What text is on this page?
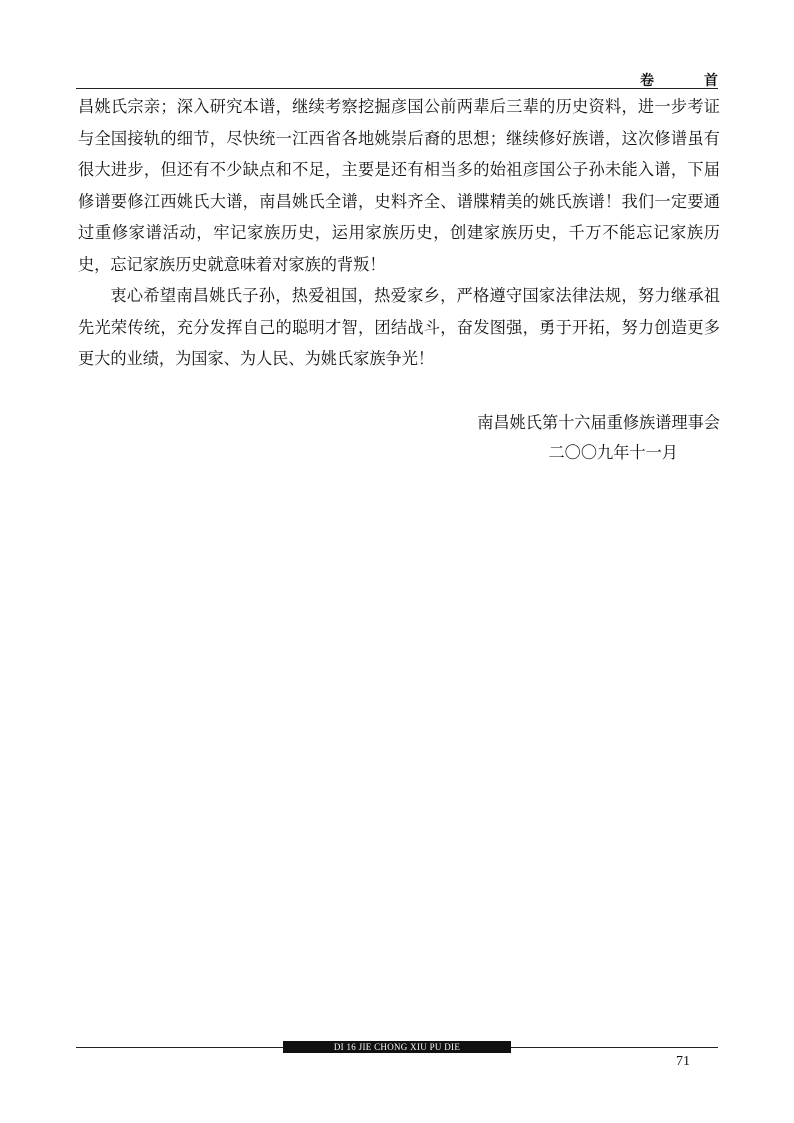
卷	首

昌姚氏宗亲；深入研究本谱，继续考察挖掘彦国公前两辈后三辈的历史资料，进一步考证与全国接轨的细节，尽快统一江西省各地姚崇后裔的思想；继续修好族谱，这次修谱虽有很大进步，但还有不少缺点和不足，主要是还有相当多的始祖彦国公子孙未能入谱，下届修谱要修江西姚氏大谱，南昌姚氏全谱，史料齐全、谱牒精美的姚氏族谱！我们一定要通过重修家谱活动，牢记家族历史，运用家族历史，创建家族历史，千万不能忘记家族历史，忘记家族历史就意味着对家族的背叛！

衷心希望南昌姚氏子孙，热爱祖国，热爱家乡，严格遵守国家法律法规，努力继承祖先光荣传统，充分发挥自己的聪明才智，团结战斗，奋发图强，勇于开拓，努力创造更多更大的业绩，为国家、为人民、为姚氏家族争光！

南昌姚氏第十六届重修族谱理事会
二〇〇九年十一月
DI 16 JIE CHONG XIU PU DIE
71
